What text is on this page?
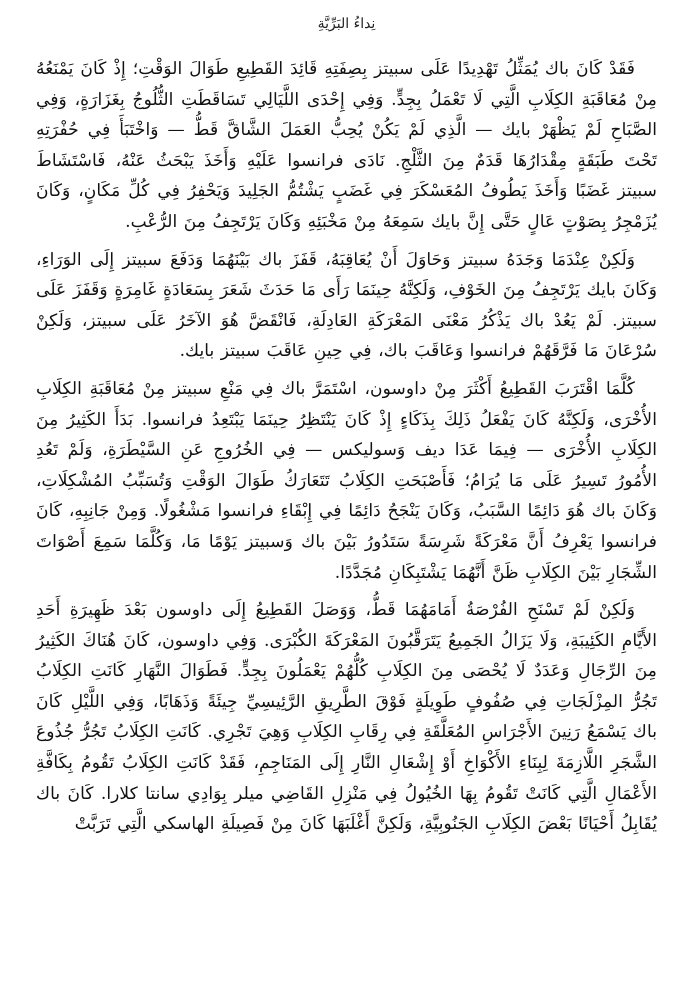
نِداءُ البَرِّيَّةِ

فَقَدْ كَانَ باك يُمَثِّلُ تَهْدِيدًا عَلَى سبيتز بِصِفَتِهِ قَائِدَ القَطِيعِ طَوَالَ الوَقْتِ؛ إِذْ كَانَ يَمْنَعُهُ مِنْ مُعَاقَبَةِ الكِلَابِ الَّتِي لَا تَعْمَلُ بِجِدٍّ. وَفِي إِحْدَى اللَّيَالِي تَسَاقَطَتِ الثُّلُوجُ بِغَزَارَةٍ، وَفِي الصَّبَاحِ لَمْ يَظْهَرْ بايك — الَّذِي لَمْ يَكُنْ يُحِبُّ العَمَلَ الشَّاقَّ قَطُّ — وَاخْتَبَأَ فِي حُفْرَتِهِ تَحْتَ طَبَقَةٍ مِقْدَارُهَا قَدَمٌ مِنَ الثَّلْجِ. نَادَى فرانسوا عَلَيْهِ وَأَخَذَ يَبْحَثُ عَنْهُ، فَاسْتَشَاطَ سبيتز غَضَبًا وَأَخَذَ يَطُوفُ المُعَسْكَرَ فِي غَضَبٍ يَشْتُمُّ الجَلِيدَ وَيَحْفِرُ فِي كُلِّ مَكَانٍ، وَكَانَ يُزَمْجِرُ بِصَوْتٍ عَالٍ حَتَّى إِنَّ بايك سَمِعَهُ مِنْ مَخْبَئِهِ وَكَانَ يَرْتَجِفُ مِنَ الرُّعْبِ.

وَلَكِنْ عِنْدَمَا وَجَدَهُ سبيتز وَحَاوَلَ أَنْ يُعَاقِبَهُ، قَفَزَ باك بَيْنَهُمَا وَدَفَعَ سبيتز إِلَى الوَرَاءِ، وَكَانَ بايك يَرْتَجِفُ مِنَ الخَوْفِ، وَلَكِنَّهُ حِينَمَا رَأَى مَا حَدَثَ شَعَرَ بِسَعَادَةٍ غَامِرَةٍ وَقَفَزَ عَلَى سبيتز. لَمْ يَعُدْ باك يَذْكُرُ مَعْنَى المَعْرَكَةِ العَادِلَةِ، فَانْقَضَّ هُوَ الآخَرُ عَلَى سبيتز، وَلَكِنْ سُرْعَانَ مَا فَرَّقَهُمْ فرانسوا وَعَاقَبَ باك، فِي حِينِ عَاقَبَ سبيتز بايك.

كُلَّمَا اقْتَرَبَ القَطِيعُ أَكْثَرَ مِنْ داوسون، اسْتَمَرَّ باك فِي مَنْعِ سبيتز مِنْ مُعَاقَبَةِ الكِلَابِ الأُخْرَى، وَلَكِنَّهُ كَانَ يَفْعَلُ ذَلِكَ بِذَكَاءٍ إِذْ كَانَ يَنْتَظِرُ حِينَمَا يَبْتَعِدُ فرانسوا. بَدَأَ الكَثِيرُ مِنَ الكِلَابِ الأُخْرَى — فِيمَا عَدَا ديف وَسوليكس — فِي الخُرُوجِ عَنِ السَّيْطَرَةِ، وَلَمْ تَعُدِ الأُمُورُ تَسِيرُ عَلَى مَا يُرَامُ؛ فَأَصْبَحَتِ الكِلَابُ تَتَعَارَكُ طَوَالَ الوَقْتِ وَتُسَبِّبُ المُشْكِلَاتِ، وَكَانَ باك هُوَ دَائِمًا السَّبَبُ، وَكَانَ يَنْجَحُ دَائِمًا فِي إِبْقَاءِ فرانسوا مَشْغُولًا. وَمِنْ جَانِبِهِ، كَانَ فرانسوا يَعْرِفُ أَنَّ مَعْرَكَةً شَرِسَةً سَتَدُورُ بَيْنَ باك وَسبيتز يَوْمًا مَا، وَكُلَّمَا سَمِعَ أَصْوَاتَ الشِّجَارِ بَيْنَ الكِلَابِ ظَنَّ أَنَّهُمَا يَشْتَبِكَانِ مُجَدَّدًا.

وَلَكِنْ لَمْ تَسْنَحِ الفُرْصَةُ أَمَامَهُمَا قَطُّ، وَوَصَلَ القَطِيعُ إِلَى داوسون بَعْدَ ظَهِيرَةِ أَحَدِ الأَيَّامِ الكَئِيبَةِ، وَلَا يَزَالُ الجَمِيعُ يَتَرَقَّبُونَ المَعْرَكَةَ الكُبْرَى. وَفِي داوسون، كَانَ هُنَاكَ الكَثِيرُ مِنَ الرِّجَالِ وَعَدَدٌ لَا يُحْصَى مِنَ الكِلَابِ كُلُّهُمْ يَعْمَلُونَ بِجِدٍّ. فَطَوَالَ النَّهَارِ كَانَتِ الكِلَابُ تَجُرُّ المِزْلَجَاتِ فِي صُفُوفٍ طَوِيلَةٍ فَوْقَ الطَّرِيقِ الرَّئِيسِيِّ جِيئَةً وَذَهَابًا، وَفِي اللَّيْلِ كَانَ باك يَسْمَعُ رَنِينَ الأَجْرَاسِ المُعَلَّقَةِ فِي رِقَابِ الكِلَابِ وَهِيَ تَجْرِي. كَانَتِ الكِلَابُ تَجُرُّ جُذُوعَ الشَّجَرِ اللَّازِمَةَ لِبِنَاءِ الأَكْوَاخِ أَوْ إِشْعَالِ النَّارِ إِلَى المَنَاجِمِ، فَقَدْ كَانَتِ الكِلَابُ تَقُومُ بِكَافَّةِ الأَعْمَالِ الَّتِي كَانَتْ تَقُومُ بِهَا الخُيُولُ فِي مَنْزِلِ القَاضِي ميلر بِوَادِي سانتا كلارا. كَانَ باك يُقَابِلُ أَحْيَانًا بَعْضَ الكِلَابِ الجَنُوبِيَّةِ، وَلَكِنَّ أَغْلَبَهَا كَانَ مِنْ فَصِيلَةِ الهاسكي الَّتِي تَرَبَّتْ
